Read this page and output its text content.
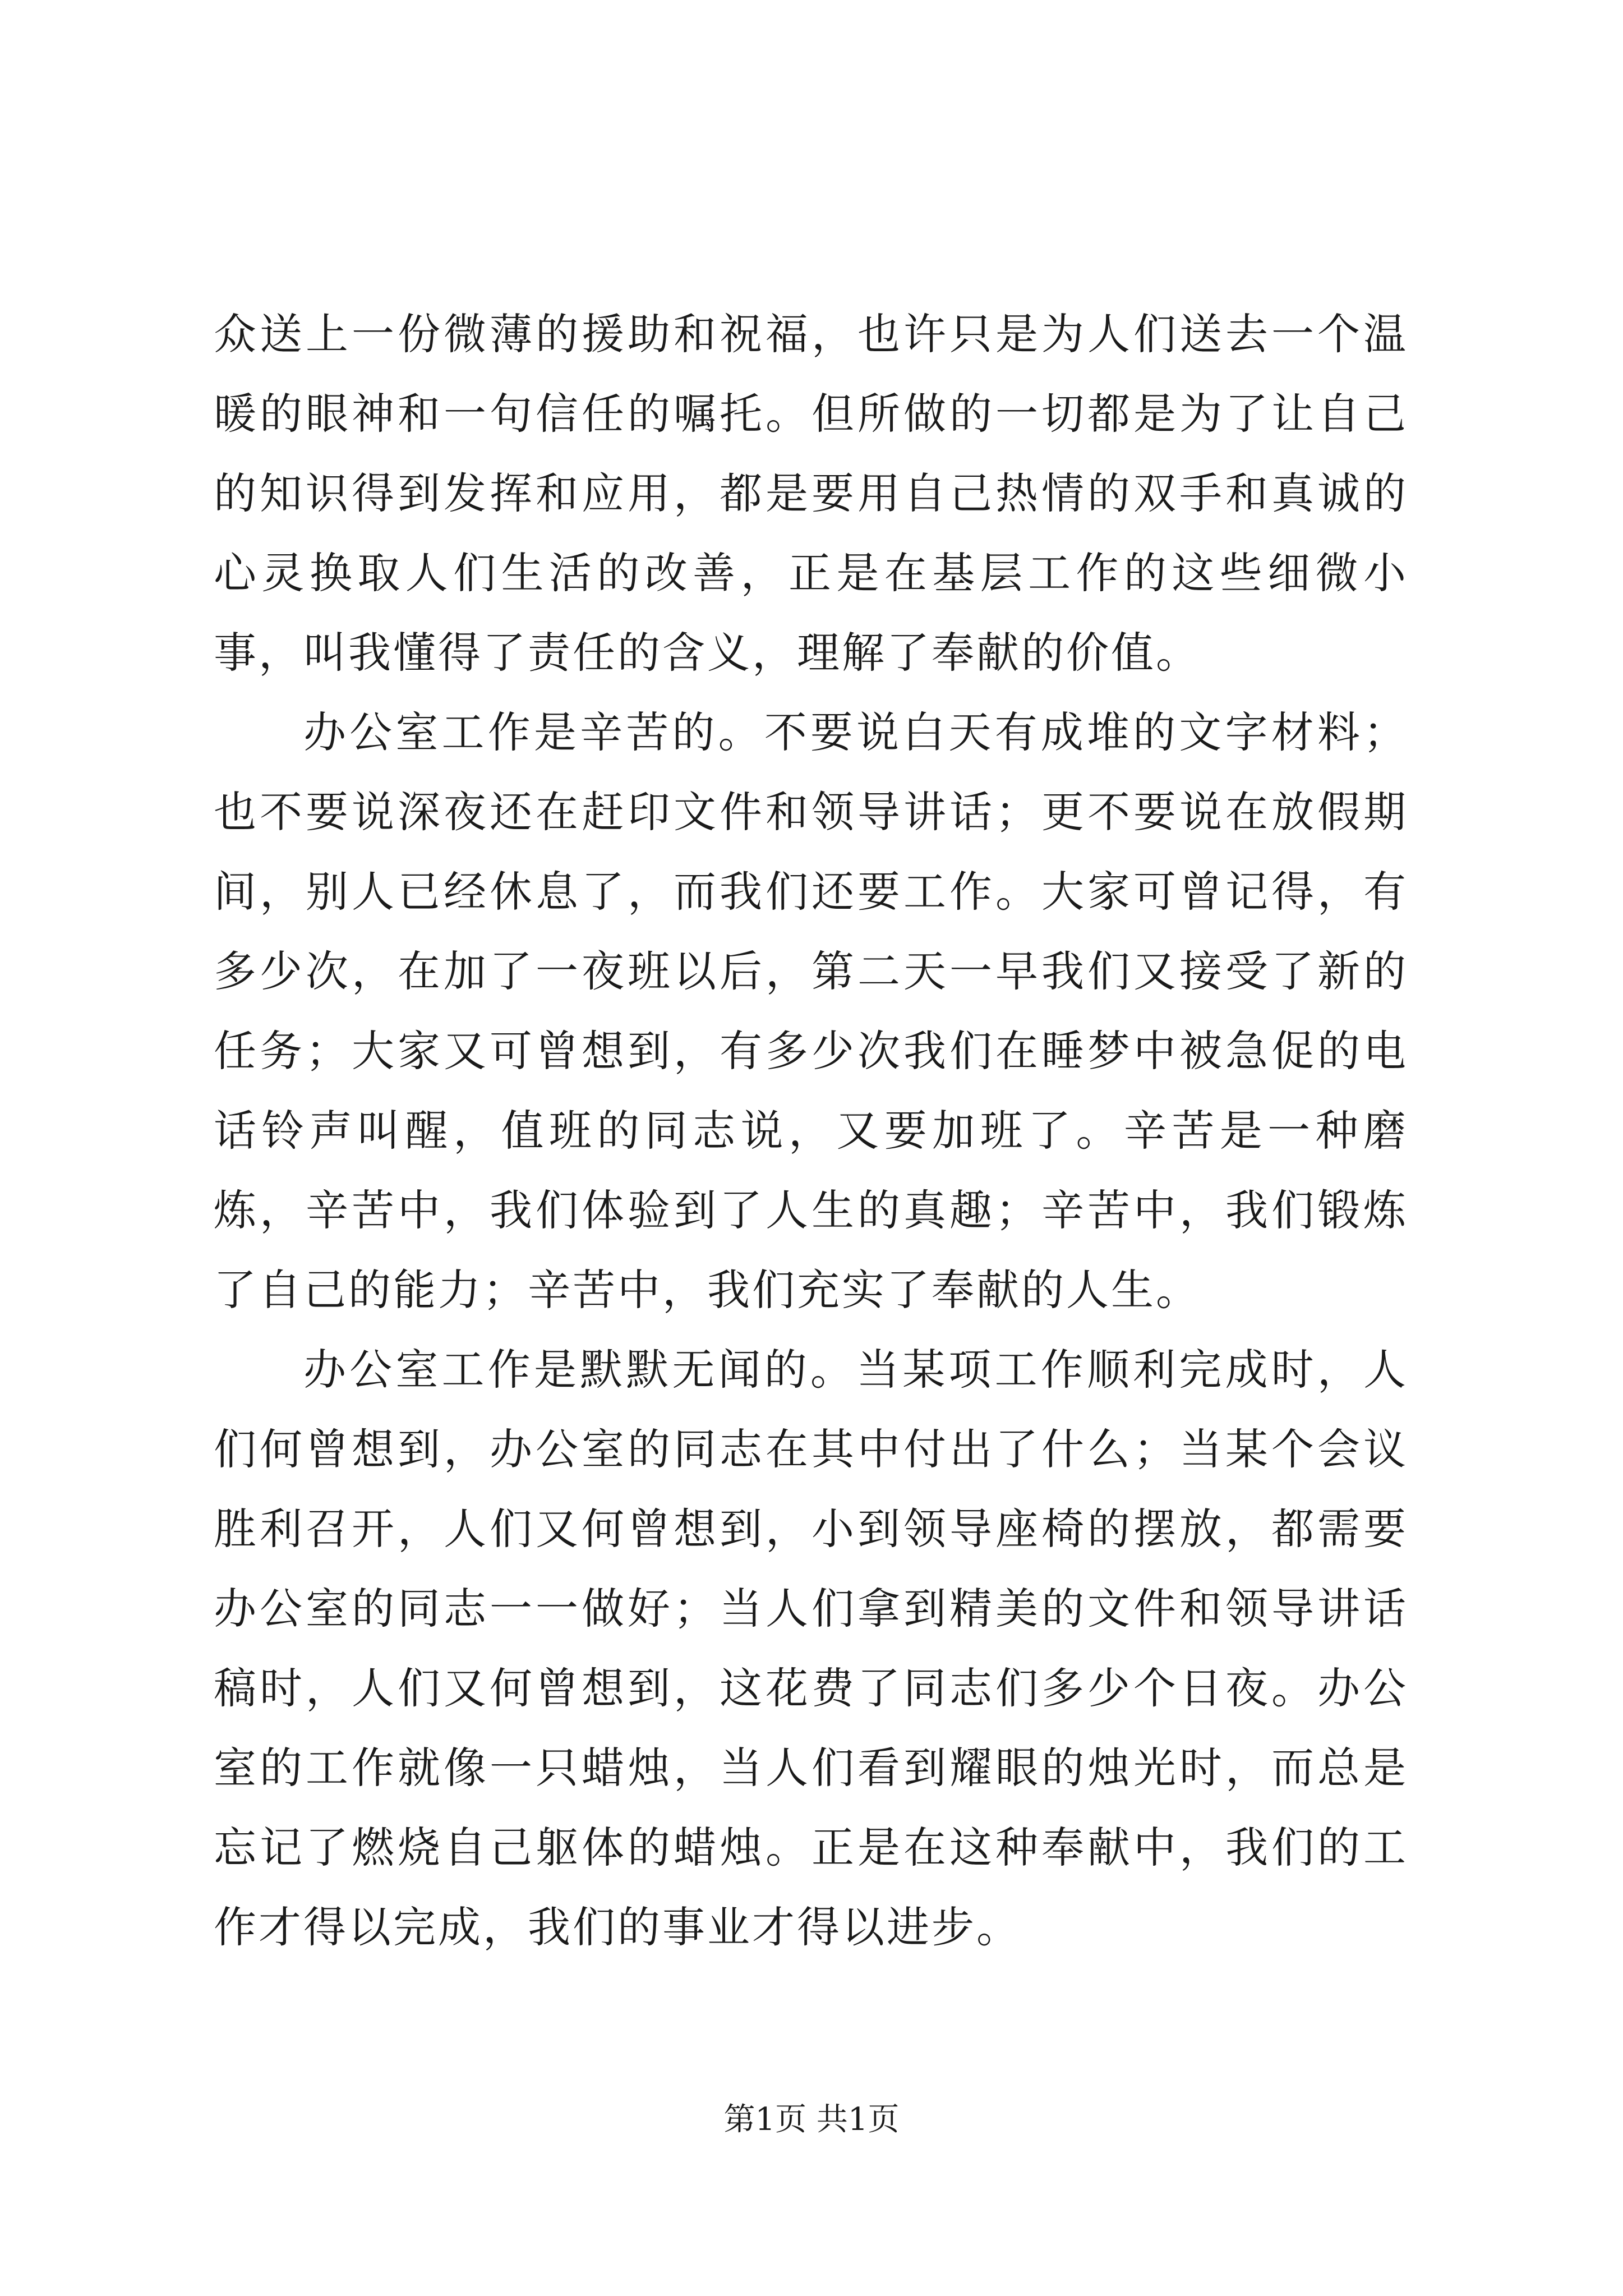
众送上一份微薄的援助和祝福，也许只是为人们送去一个温暖的眼神和一句信任的嘱托。但所做的一切都是为了让自己的知识得到发挥和应用，都是要用自己热情的双手和真诚的心灵换取人们生活的改善，正是在基层工作的这些细微小事，叫我懂得了责任的含义，理解了奉献的价值。

办公室工作是辛苦的。不要说白天有成堆的文字材料；也不要说深夜还在赶印文件和领导讲话；更不要说在放假期间，别人已经休息了，而我们还要工作。大家可曾记得，有多少次，在加了一夜班以后，第二天一早我们又接受了新的任务；大家又可曾想到，有多少次我们在睡梦中被急促的电话铃声叫醒，值班的同志说，又要加班了。辛苦是一种磨炼，辛苦中，我们体验到了人生的真趣；辛苦中，我们锻炼了自己的能力；辛苦中，我们充实了奉献的人生。

办公室工作是默默无闻的。当某项工作顺利完成时，人们何曾想到，办公室的同志在其中付出了什么；当某个会议胜利召开，人们又何曾想到，小到领导座椅的摆放，都需要办公室的同志一一做好；当人们拿到精美的文件和领导讲话稿时，人们又何曾想到，这花费了同志们多少个日夜。办公室的工作就像一只蜡烛，当人们看到耀眼的烛光时，而总是忘记了燃烧自己躯体的蜡烛。正是在这种奉献中，我们的工作才得以完成，我们的事业才得以进步。

第1页 共1页
